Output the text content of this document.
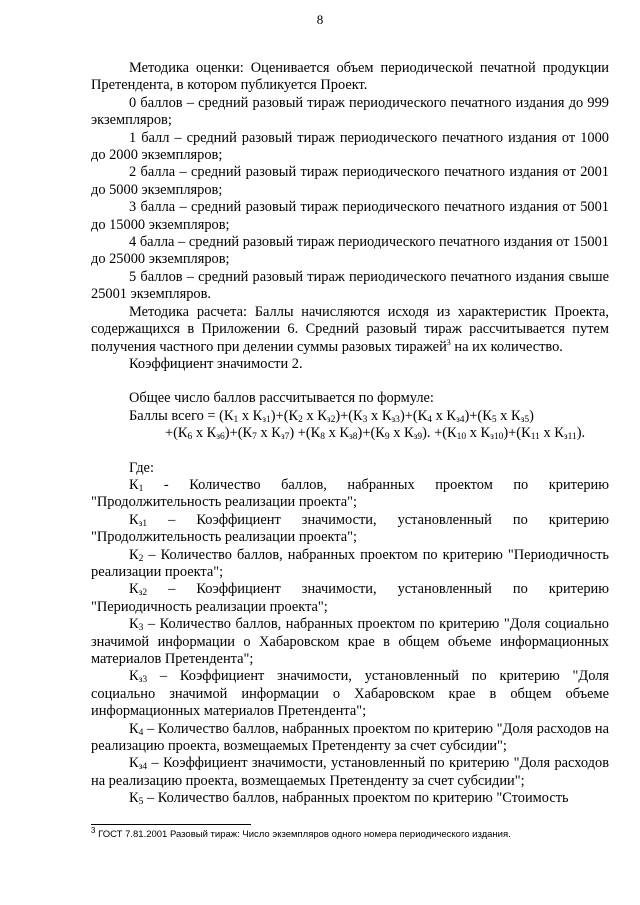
8

Методика оценки: Оценивается объем периодической печатной продукции Претендента, в котором публикуется Проект.

0 баллов – средний разовый тираж периодического печатного издания до 999 экземпляров;

1 балл – средний разовый тираж периодического печатного издания от 1000 до 2000 экземпляров;

2 балла – средний разовый тираж периодического печатного издания от 2001 до 5000 экземпляров;

3 балла – средний разовый тираж периодического печатного издания от 5001 до 15000 экземпляров;

4 балла – средний разовый тираж периодического печатного издания от 15001 до 25000 экземпляров;

5 баллов – средний разовый тираж периодического печатного издания свыше 25001 экземпляров.

Методика расчета: Баллы начисляются исходя из характеристик Проекта, содержащихся в Приложении 6. Средний разовый тираж рассчитывается путем получения частного при делении суммы разовых тиражей$^3$ на их количество.

Коэффициент значимости 2.

Общее число баллов рассчитывается по формуле:

Баллы всего = ($К_1$ x $К_{з1})+(К_2$ x $К_{з2})+(К_3$ x $К_{з3})+(К_4$ x $К_{з4})+(К_5$ x $К_{з5}$)

$+(К_6$ x $К_{з6})+(К_7$ x $К_{з7}) +(К_8$ x $К_{з8})+(К_9$ x $К_{з9}$). $+(К_{10}$ x $К_{з10})+(К_{11}$ x $К_{з11}$).

Где:

$К_1$ - Количество баллов, набранных проектом по критерию "Продолжительность реализации проекта";

$К_{з1}$ – Коэффициент значимости, установленный по критерию "Продолжительность реализации проекта";

$К_2$ – Количество баллов, набранных проектом по критерию "Периодичность реализации проекта";

$К_{з2}$ – Коэффициент значимости, установленный по критерию "Периодичность реализации проекта";

$К_3$ – Количество баллов, набранных проектом по критерию "Доля социально значимой информации о Хабаровском крае в общем объеме информационных материалов Претендента";

$К_{з3}$ – Коэффициент значимости, установленный по критерию "Доля социально значимой информации о Хабаровском крае в общем объеме информационных материалов Претендента";

$К_4$ – Количество баллов, набранных проектом по критерию "Доля расходов на реализацию проекта, возмещаемых Претенденту за счет субсидии";

$К_{з4}$ – Коэффициент значимости, установленный по критерию "Доля расходов на реализацию проекта, возмещаемых Претенденту за счет субсидии";

$К_5$ – Количество баллов, набранных проектом по критерию "Стоимость

$^3$ ГОСТ 7.81.2001 Разовый тираж: Число экземпляров одного номера периодического издания.
